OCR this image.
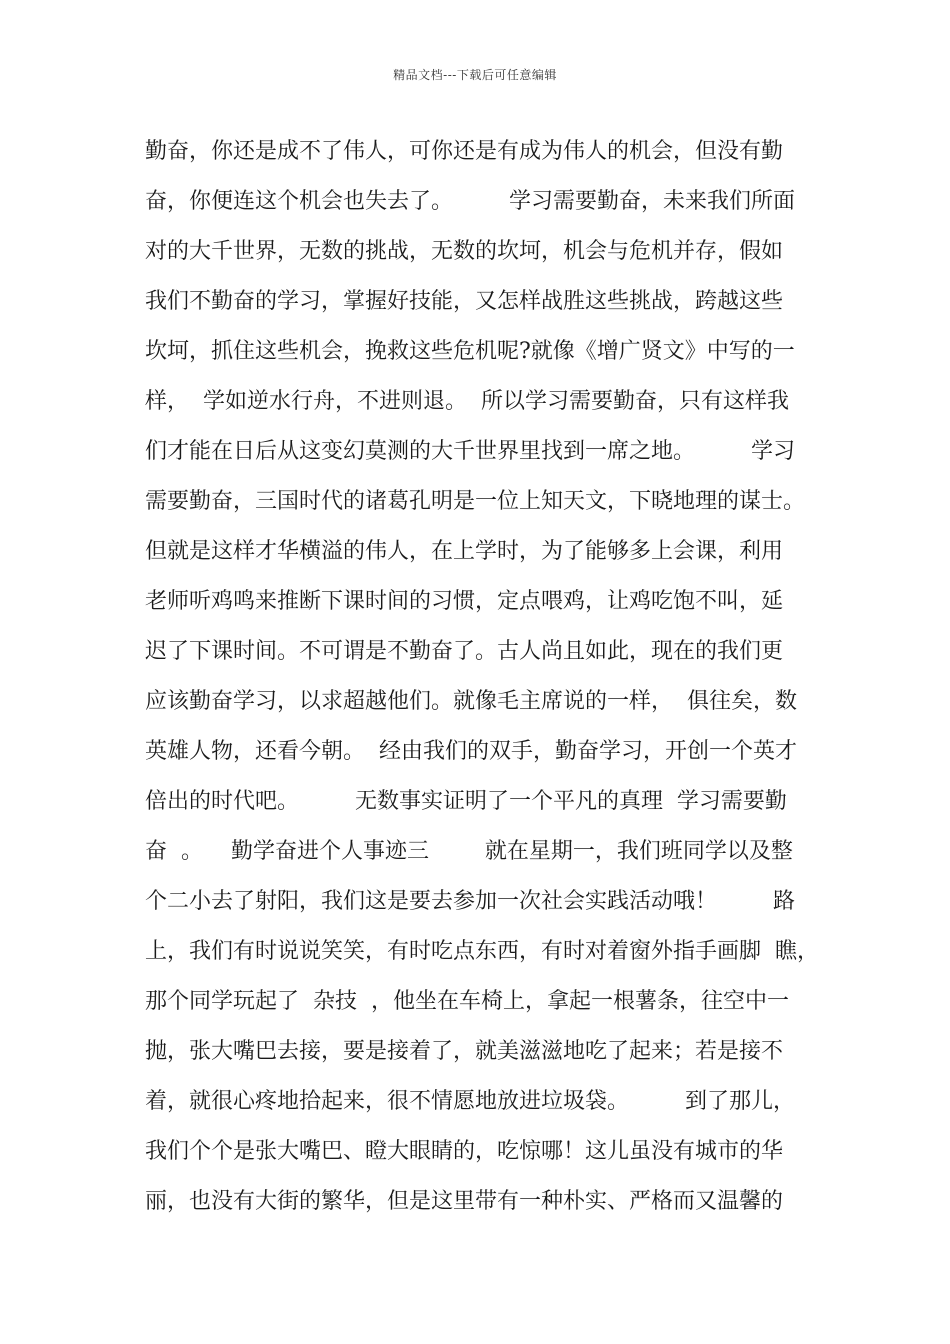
精品文档---下载后可任意编辑
勤奋，你还是成不了伟人，可你还是有成为伟人的机会，但没有勤
奋，你便连这个机会也失去了。        学习需要勤奋，未来我们所面
对的大千世界，无数的挑战，无数的坎坷，机会与危机并存，假如
我们不勤奋的学习，掌握好技能，又怎样战胜这些挑战，跨越这些
坎坷，抓住这些机会，挽救这些危机呢?就像《增广贤文》中写的一
样，  学如逆水行舟，不进则退。  所以学习需要勤奋，只有这样我
们才能在日后从这变幻莫测的大千世界里找到一席之地。        学习
需要勤奋，三国时代的诸葛孔明是一位上知天文，下晓地理的谋士。
但就是这样才华横溢的伟人，在上学时，为了能够多上会课，利用
老师听鸡鸣来推断下课时间的习惯，定点喂鸡，让鸡吃饱不叫，延
迟了下课时间。不可谓是不勤奋了。古人尚且如此，现在的我们更
应该勤奋学习，以求超越他们。就像毛主席说的一样，  俱往矣，数
英雄人物，还看今朝。  经由我们的双手，勤奋学习，开创一个英才
倍出的时代吧。        无数事实证明了一个平凡的真理  学习需要勤
奋  。    勤学奋进个人事迹三        就在星期一，我们班同学以及整
个二小去了射阳，我们这是要去参加一次社会实践活动哦！        路
上，我们有时说说笑笑，有时吃点东西，有时对着窗外指手画脚  瞧，
那个同学玩起了  杂技  ，他坐在车椅上，拿起一根薯条，往空中一
抛，张大嘴巴去接，要是接着了，就美滋滋地吃了起来；若是接不
着，就很心疼地拾起来，很不情愿地放进垃圾袋。        到了那儿，
我们个个是张大嘴巴、瞪大眼睛的，吃惊哪！这儿虽没有城市的华
丽，也没有大街的繁华，但是这里带有一种朴实、严格而又温馨的
